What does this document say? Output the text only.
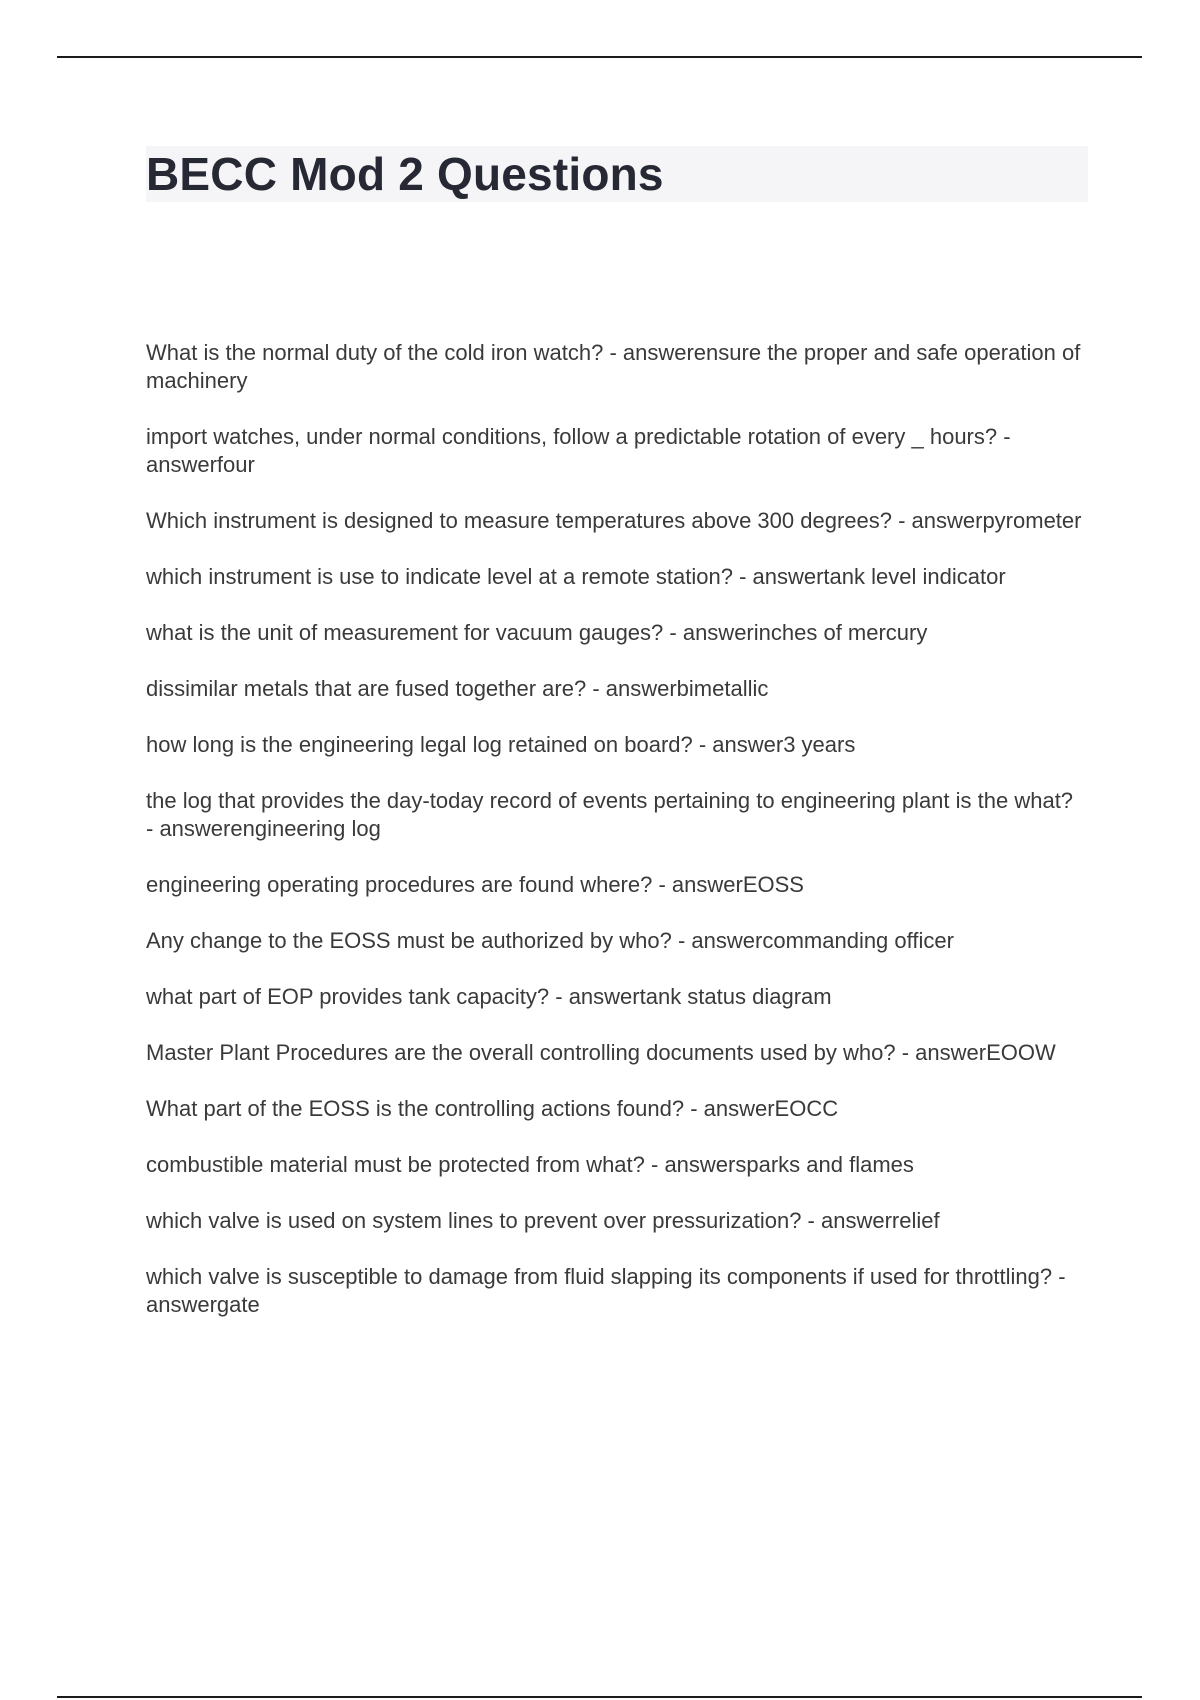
BECC Mod 2 Questions
What is the normal duty of the cold iron watch? - answerensure the proper and safe operation of machinery
import watches, under normal conditions, follow a predictable rotation of every _ hours? - answerfour
Which instrument is designed to measure temperatures above 300 degrees? - answerpyrometer
which instrument is use to indicate level at a remote station? - answertank level indicator
what is the unit of measurement for vacuum gauges? - answerinches of mercury
dissimilar metals that are fused together are? - answerbimetallic
how long is the engineering legal log retained on board? - answer3 years
the log that provides the day-today record of events pertaining to engineering plant is the what? - answerengineering log
engineering operating procedures are found where? - answerEOSS
Any change to the EOSS must be authorized by who? - answercommanding officer
what part of EOP provides tank capacity? - answertank status diagram
Master Plant Procedures are the overall controlling documents used by who? - answerEOOW
What part of the EOSS is the controlling actions found? - answerEOCC
combustible material must be protected from what? - answersparks and flames
which valve is used on system lines to prevent over pressurization? - answerrelief
which valve is susceptible to damage from fluid slapping its components if used for throttling? - answergate
